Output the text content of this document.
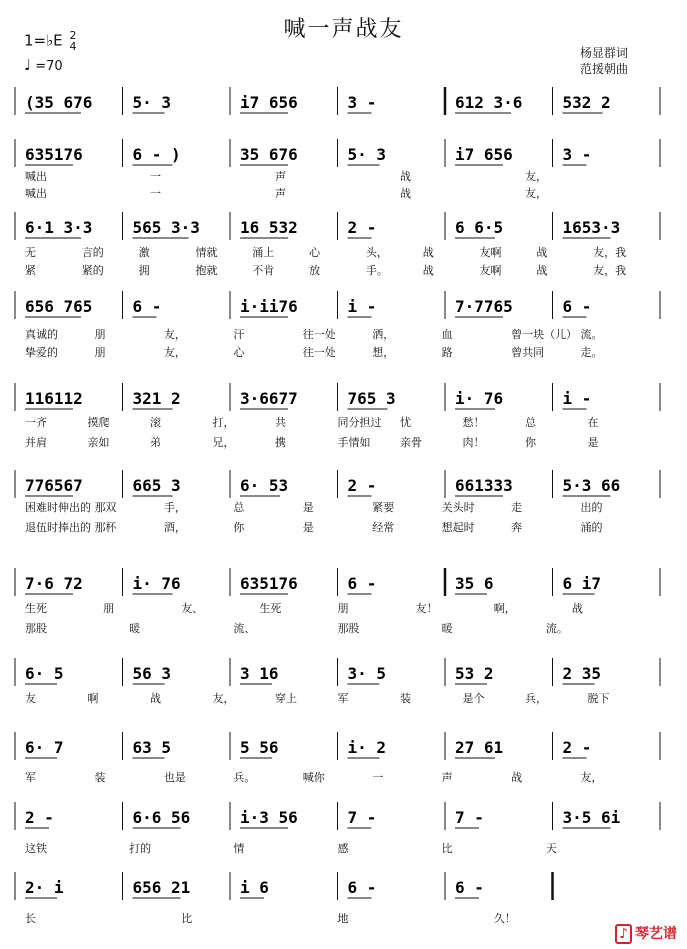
喊一声战友
1=♭E 2
4
♩ =70
杨显群词
范援朝曲
(35 676	5· 3	i7 656	3 -	612 3·6	532 2
635176	6 - )	35 676	5· 3	i7 656	3 -
喊出	一	声	战	友，
喊出	一	声	战	友，
6·1 3·3	565 3·3	16 532	2 -	6 6·5	1653·3
无	言的	激	情就	涌上	心	头，	战	友啊	战	友，我
紧	紧的	拥	抱就	不肯	放	手。	战	友啊	战	友，我
656 765	6 -	i·ii76	i -	7·7765	6 -
真诚的	朋	友，	汗	往一处	洒，	血	曾一块（儿） 流。
挚爱的	朋	友，	心	往一处	想，	路	曾共同	走。
116112	321 2	3·6677	765 3	i· 76	i -
一齐	摸爬	滚	打，	共	同分担过 忧	愁！	总	在
并肩	亲如	弟	兄，	携	手情如	亲骨	肉！	你	是
776567	665 3	6· 53	2 -	661333	5·3 66
困难时伸出的 那双	手，	总	是	紧要	关头时	走	出的
退伍时捧出的 那杯	酒，	你	是	经常	想起时	奔	涌的
7·6 72	i· 76	635176	6 -	35 6	6 i7
生死	朋	友、	生死	朋	友！	啊，	战
那股	暖	流、	那股	暖	流。
6· 5	56 3	3 16	3· 5	53 2	2 35
友	啊	战	友，	穿上	军	装	是个	兵，	脱下
6· 7	63 5	5 56	i· 2	27 61	2 -
军	装	也是	兵。	喊你	一	声	战	友，
2 -	6·6 56	i·3 56	7 -	7 -	3·5 6i
这铁	打的	情	感	比	天
2· i	656 21	i 6	6 -	6 -
长	比	地	久！
♪ 琴艺谱
